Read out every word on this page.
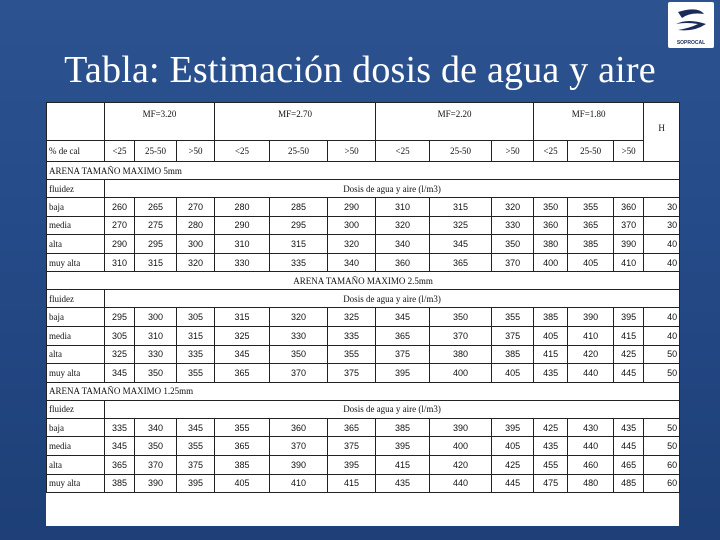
Tabla: Estimación dosis de agua y aire
SOPROCAL
	MF=3.20			MF=2.70			MF=2.20			MF=1.80			H
% de cal	<25	25-50	>50	<25	25-50	>50	<25	25-50	>50	<25	25-50	>50	
ARENA TAMAÑO MAXIMO 5mm													
fluidez	Dosis de agua y aire (l/m3)												
baja	260	265	270	280	285	290	310	315	320	350	355	360	30
media	270	275	280	290	295	300	320	325	330	360	365	370	30
alta	290	295	300	310	315	320	340	345	350	380	385	390	40
muy alta	310	315	320	330	335	340	360	365	370	400	405	410	40
ARENA TAMAÑO MAXIMO 2.5mm													
fluidez	Dosis de agua y aire (l/m3)												
baja	295	300	305	315	320	325	345	350	355	385	390	395	40
media	305	310	315	325	330	335	365	370	375	405	410	415	40
alta	325	330	335	345	350	355	375	380	385	415	420	425	50
muy alta	345	350	355	365	370	375	395	400	405	435	440	445	50
ARENA TAMAÑO MAXIMO 1.25mm													
fluidez	Dosis de agua y aire (l/m3)												
baja	335	340	345	355	360	365	385	390	395	425	430	435	50
media	345	350	355	365	370	375	395	400	405	435	440	445	50
alta	365	370	375	385	390	395	415	420	425	455	460	465	60
muy alta	385	390	395	405	410	415	435	440	445	475	480	485	60
